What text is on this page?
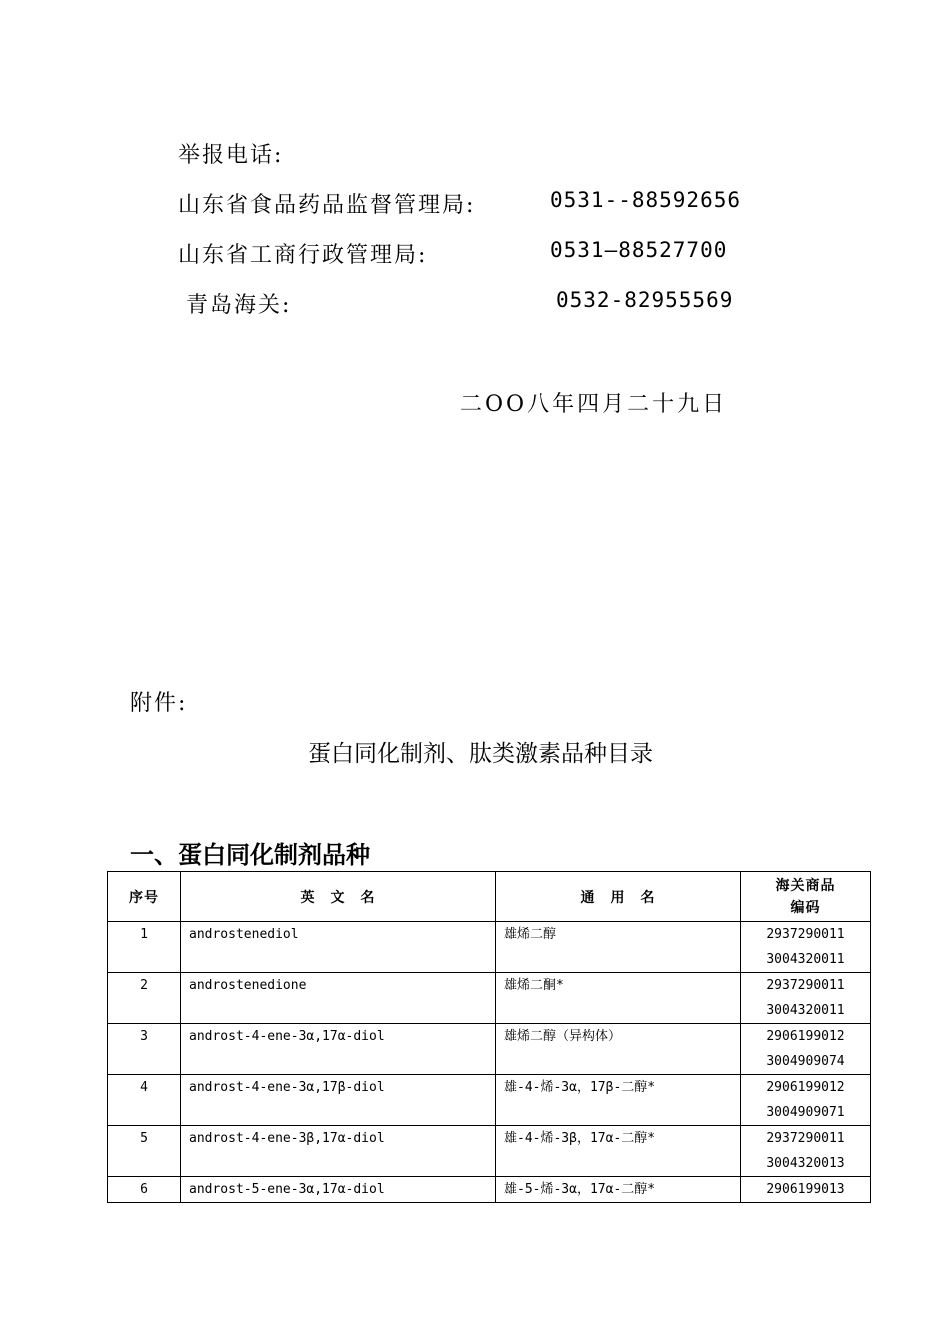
举报电话:
山东省食品药品监督管理局:	0531--88592656
山东省工商行政管理局:	0531—88527700
青岛海关:	0532-82955569
二OO八年四月二十九日
附件:
蛋白同化制剂、肽类激素品种目录
一、蛋白同化制剂品种
序号	英　文　名	通　用　名	海关商品
编码

1	androstenediol	雄烯二醇	2937290011
3004320011

2	androstenedione	雄烯二酮*	2937290011
3004320011

3	androst-4-ene-3α,17α-diol	雄烯二醇（异构体）	2906199012
3004909074

4	androst-4-ene-3α,17β-diol	雄-4-烯-3α，17β-二醇*	2906199012
3004909071

5	androst-4-ene-3β,17α-diol	雄-4-烯-3β，17α-二醇*	2937290011
3004320013

6	androst-5-ene-3α,17α-diol	雄-5-烯-3α，17α-二醇*	2906199013
